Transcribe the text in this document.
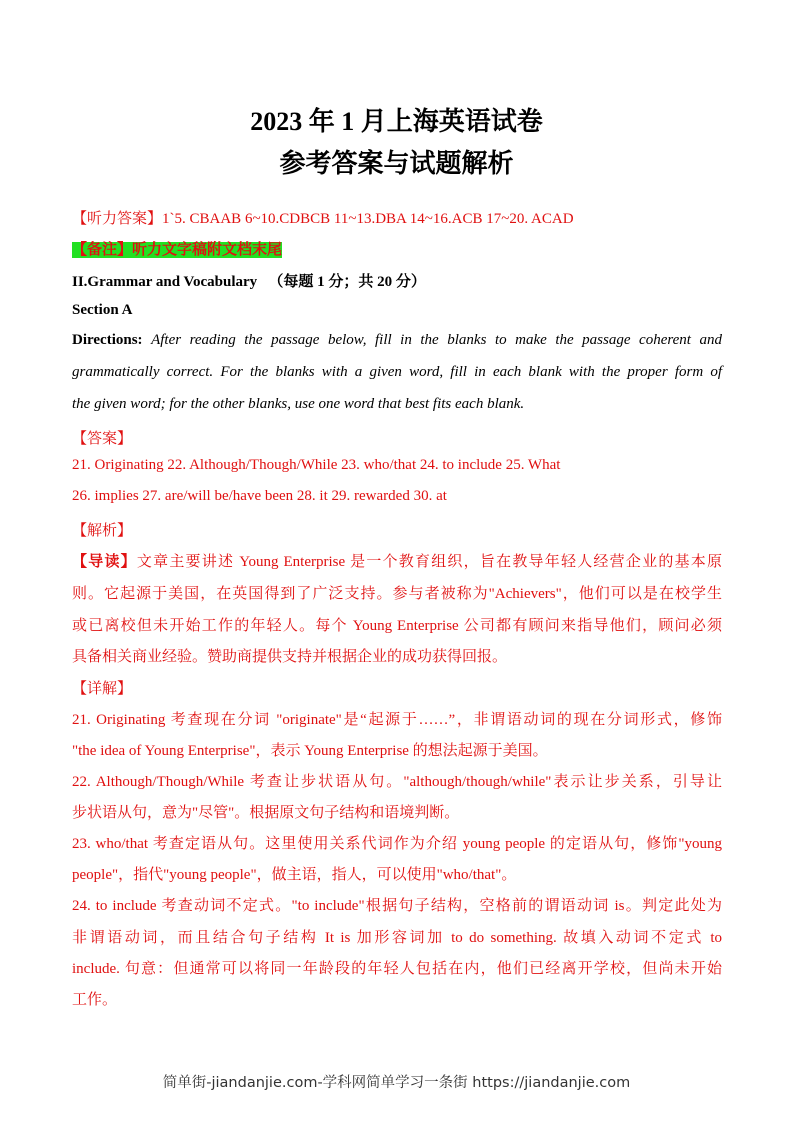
2023 年 1 月上海英语试卷
参考答案与试题解析
【听力答案】1`5. CBAAB 6~10.CDBCB 11~13.DBA 14~16.ACB 17~20. ACAD
【备注】听力文字稿附文档末尾
II.Grammar and Vocabulary （每题 1 分；共 20 分）
Section A
Directions: After reading the passage below, fill in the blanks to make the passage coherent and
grammatically correct. For the blanks with a given word, fill in each blank with the proper form of
the given word; for the other blanks, use one word that best fits each blank.
【答案】
21. Originating 22. Although/Though/While 23. who/that 24. to include 25. What
26. implies 27. are/will be/have been 28. it 29. rewarded 30. at
【解析】
【导读】文章主要讲述 Young Enterprise 是一个教育组织，旨在教导年轻人经营企业的基本原
则。它起源于美国，在英国得到了广泛支持。参与者被称为"Achievers"，他们可以是在校学生
或已离校但未开始工作的年轻人。每个 Young Enterprise 公司都有顾问来指导他们，顾问必须
具备相关商业经验。赞助商提供支持并根据企业的成功获得回报。
【详解】
21. Originating 考查现在分词 "originate"是“起源于……”，非谓语动词的现在分词形式，修饰
"the idea of Young Enterprise"，表示 Young Enterprise 的想法起源于美国。
22. Although/Though/While 考查让步状语从句。"although/though/while"表示让步关系，引导让
步状语从句，意为"尽管"。根据原文句子结构和语境判断。
23. who/that 考查定语从句。这里使用关系代词作为介绍 young people 的定语从句，修饰"young
people"，指代"young people"，做主语，指人，可以使用"who/that"。
24. to include 考查动词不定式。"to include"根据句子结构，空格前的谓语动词 is。判定此处为
非谓语动词，而且结合句子结构 It is 加形容词加 to do something. 故填入动词不定式 to
include. 句意：但通常可以将同一年龄段的年轻人包括在内，他们已经离开学校，但尚未开始
工作。
简单街-jiandanjie.com-学科网简单学习一条街 https://jiandanjie.com
